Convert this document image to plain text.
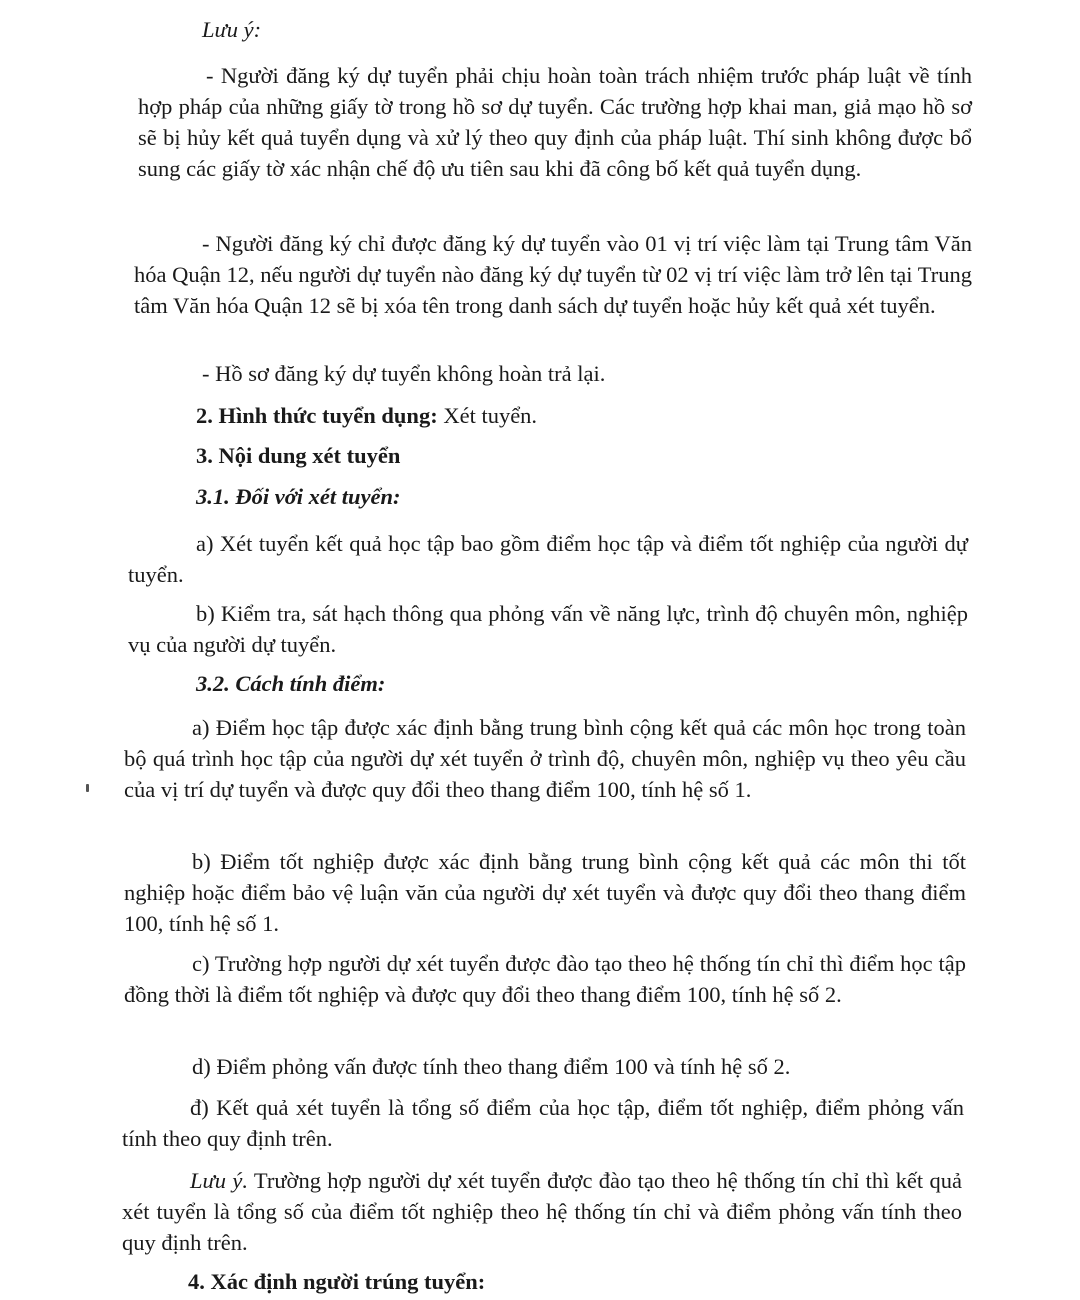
Lưu ý:

- Người đăng ký dự tuyển phải chịu hoàn toàn trách nhiệm trước pháp luật về tính hợp pháp của những giấy tờ trong hồ sơ dự tuyển. Các trường hợp khai man, giả mạo hồ sơ sẽ bị hủy kết quả tuyển dụng và xử lý theo quy định của pháp luật. Thí sinh không được bổ sung các giấy tờ xác nhận chế độ ưu tiên sau khi đã công bố kết quả tuyển dụng.

- Người đăng ký chỉ được đăng ký dự tuyển vào 01 vị trí việc làm tại Trung tâm Văn hóa Quận 12, nếu người dự tuyển nào đăng ký dự tuyển từ 02 vị trí việc làm trở lên tại Trung tâm Văn hóa Quận 12 sẽ bị xóa tên trong danh sách dự tuyển hoặc hủy kết quả xét tuyển.

- Hồ sơ đăng ký dự tuyển không hoàn trả lại.

2. Hình thức tuyển dụng: Xét tuyển.

3. Nội dung xét tuyển

3.1. Đối với xét tuyển:

a) Xét tuyển kết quả học tập bao gồm điểm học tập và điểm tốt nghiệp của người dự tuyển.

b) Kiểm tra, sát hạch thông qua phỏng vấn về năng lực, trình độ chuyên môn, nghiệp vụ của người dự tuyển.

3.2. Cách tính điểm:

a) Điểm học tập được xác định bằng trung bình cộng kết quả các môn học trong toàn bộ quá trình học tập của người dự xét tuyển ở trình độ, chuyên môn, nghiệp vụ theo yêu cầu của vị trí dự tuyển và được quy đổi theo thang điểm 100, tính hệ số 1.

b) Điểm tốt nghiệp được xác định bằng trung bình cộng kết quả các môn thi tốt nghiệp hoặc điểm bảo vệ luận văn của người dự xét tuyển và được quy đổi theo thang điểm 100, tính hệ số 1.

c) Trường hợp người dự xét tuyển được đào tạo theo hệ thống tín chỉ thì điểm học tập đồng thời là điểm tốt nghiệp và được quy đổi theo thang điểm 100, tính hệ số 2.

d) Điểm phỏng vấn được tính theo thang điểm 100 và tính hệ số 2.

đ) Kết quả xét tuyển là tổng số điểm của học tập, điểm tốt nghiệp, điểm phỏng vấn tính theo quy định trên.

Lưu ý. Trường hợp người dự xét tuyển được đào tạo theo hệ thống tín chỉ thì kết quả xét tuyển là tổng số của điểm tốt nghiệp theo hệ thống tín chỉ và điểm phỏng vấn tính theo quy định trên.

4. Xác định người trúng tuyển:
